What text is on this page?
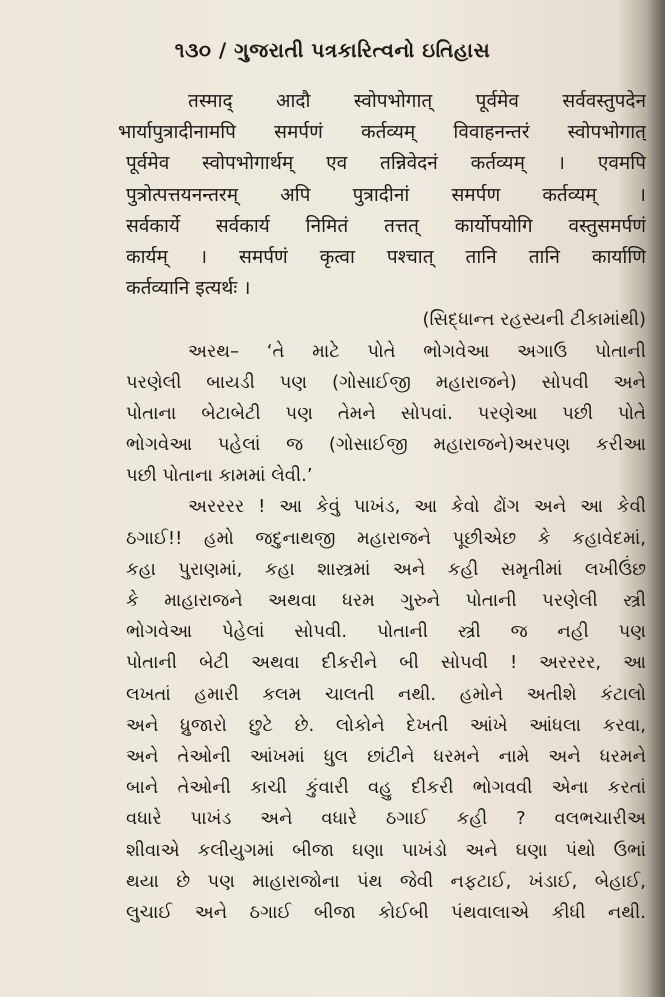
૧૩૦ / ગુજરાતી પત્રકારિત્વનો ઇતિહાસ
तस्माद् आदौ स्वोपभोगात् पूर्वमेव सर्ववस्तुपदेन
भार्यापुत्रादीनामपि समर्पणं कर्तव्यम् विवाहनन्तरं स्वोपभोगात्
पूर्वमेव स्वोपभोगार्थम् एव तन्निवेदनं कर्तव्यम् । एवमपि
पुत्रोत्पत्तयनन्तरम् अपि पुत्रादीनां समर्पण कर्तव्यम् ।
सर्वकार्ये सर्वकार्य निमितं तत्तत् कार्योपयोगि वस्तुसमर्पणं
कार्यम् । समर्पणं कृत्वा पश्चात् तानि तानि कार्याणि
कर्तव्यानि इत्यर्थः ।
(સિદ્ધાન્ત રહસ્યની ટીકામાંથી)
અરથ– ‘તે માટે પોતે ભોગવેઆ અગાઉ પોતાની
પરણેલી બાયડી પણ (ગોસાઈજી મહારાજને) સોપવી અને
પોતાના બેટાબેટી પણ તેમને સોપવાં. પરણેઆ પછી પોતે
ભોગવેઆ પહેલાં જ (ગોસાઈજી મહારાજને)અરપણ કરીઆ
પછી પોતાના કામમાં લેવી.’
અરરરર ! આ કેવું પાખંડ, આ કેવો ઢોંગ અને આ કેવી
ઠગાઈ!! હમો જદુનાથજી મહારાજને પૂછીએછ કે કહાવેદમાં,
કહા પુરાણમાં, કહા શાસ્ત્રમાં અને કહી સમૃતીમાં લખીઉંછ
કે માહારાજને અથવા ધરમ ગુરુને પોતાની પરણેલી સ્ત્રી
ભોગવેઆ પેહેલાં સોપવી. પોતાની સ્ત્રી જ નહી પણ
પોતાની બેટી અથવા દીકરીને બી સોપવી ! અરરરર, આ
લખતાં હમારી કલમ ચાલતી નથી. હમોને અતીશે કંટાલો
અને ધ્રુજારો છુટે છે. લોકોને દેખતી આંખે આંધલા કરવા,
અને તેઓની આંખમાં ધુલ છાંટીને ધરમને નામે અને ધરમને
બાને તેઓની કાચી કુંવારી વહુ દીકરી ભોગવવી એના કરતાં
વધારે પાખંડ અને વધારે ઠગાઈ કહી ? વલભચારીઅ
શીવાએ કલીયુગમાં બીજા ઘણા પાખંડો અને ઘણા પંથો ઉભાં
થયા છે પણ માહારાજોના પંથ જેવી નફટાઈ, ખંડાઈ, બેહાઈ,
લુચાઈ અને ઠગાઈ બીજા કોઈબી પંથવાલાએ કીધી નથી.
